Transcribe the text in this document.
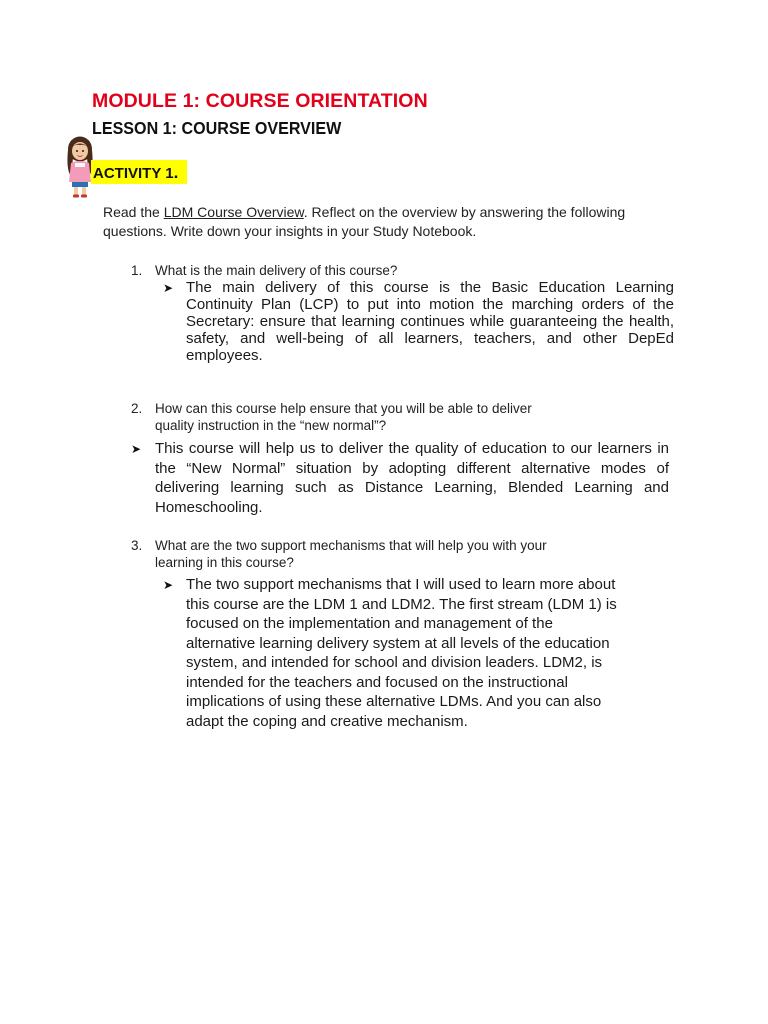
MODULE 1: COURSE ORIENTATION
LESSON 1: COURSE OVERVIEW
ACTIVITY 1.
Read the LDM Course Overview. Reflect on the overview by answering the following questions. Write down your insights in your Study Notebook.
1. What is the main delivery of this course?
➤ The main delivery of this course is the Basic Education Learning Continuity Plan (LCP) to put into motion the marching orders of the Secretary: ensure that learning continues while guaranteeing the health, safety, and well-being of all learners, teachers, and other DepEd employees.
2. How can this course help ensure that you will be able to deliver
quality instruction in the “new normal”?
➤ This course will help us to deliver the quality of education to our learners in the “New Normal” situation by adopting different alternative modes of delivering learning such as Distance Learning, Blended Learning and Homeschooling.
3. What are the two support mechanisms that will help you with your
learning in this course?
➤ The two support mechanisms that I will used to learn more about this course are the LDM 1 and LDM2. The first stream (LDM 1) is focused on the implementation and management of the alternative learning delivery system at all levels of the education system, and intended for school and division leaders. LDM2, is intended for the teachers and focused on the instructional implications of using these alternative LDMs. And you can also adapt the coping and creative mechanism.
